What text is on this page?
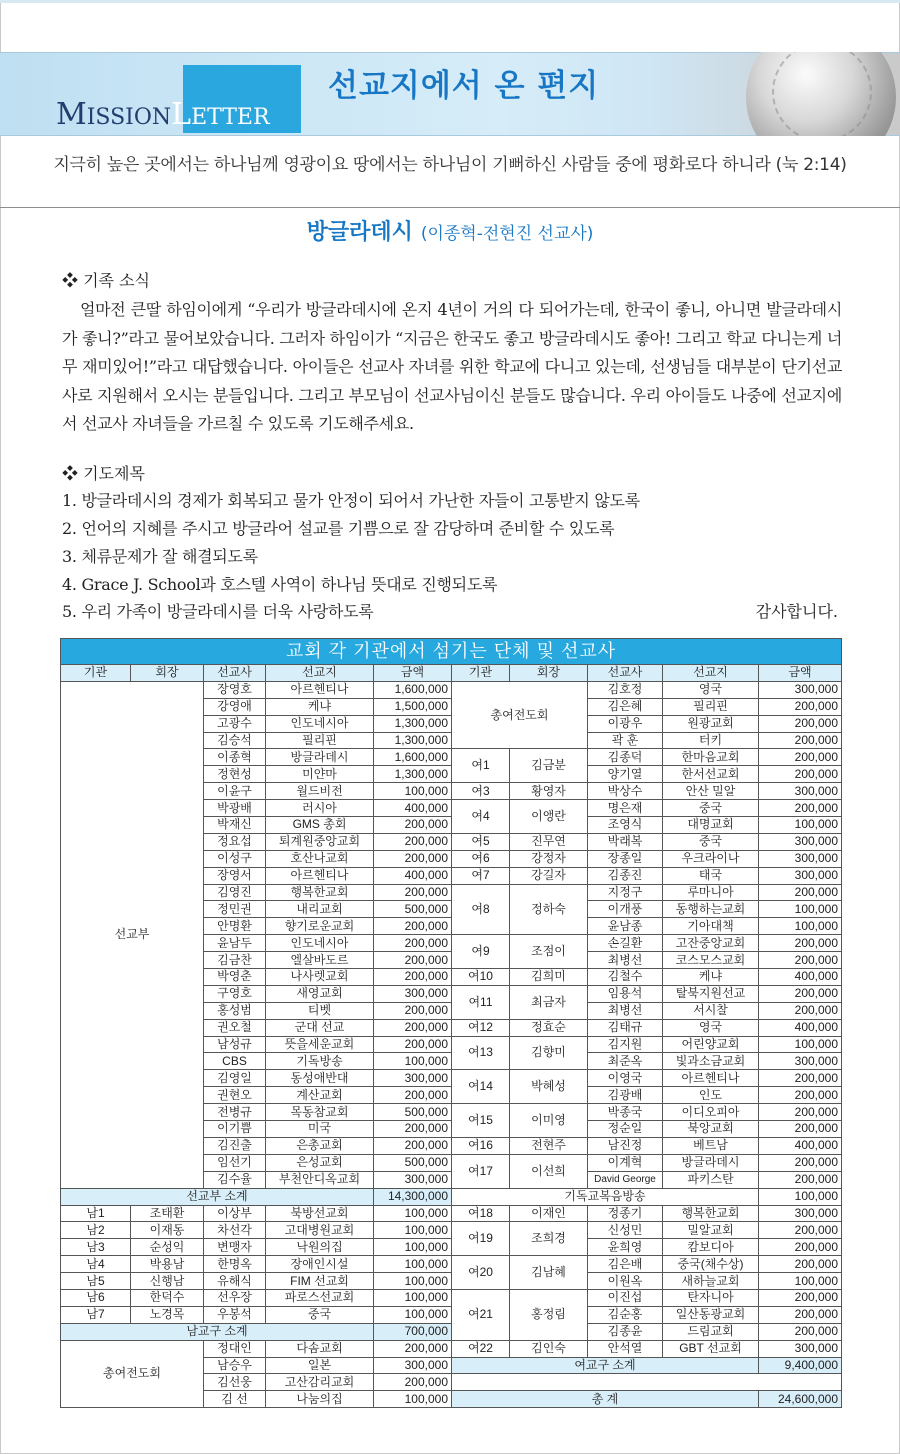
MISSIONLETTER
선교지에서 온 편지
지극히 높은 곳에서는 하나님께 영광이요 땅에서는 하나님이 기뻐하신 사람들 중에 평화로다 하니라 (눅 2:14)
방글라데시 (이종혁-전현진 선교사)
❖ 기족 소식
얼마전 큰딸 하임이에게 “우리가 방글라데시에 온지 4년이 거의 다 되어가는데, 한국이 좋니, 아니면 발글라데시가 좋니?”라고 물어보았습니다. 그러자 하임이가 “지금은 한국도 좋고 방글라데시도 좋아! 그리고 학교 다니는게 너무 재미있어!”라고 대답했습니다. 아이들은 선교사 자녀를 위한 학교에 다니고 있는데, 선생님들 대부분이 단기선교사로 지원해서 오시는 분들입니다. 그리고 부모님이 선교사님이신 분들도 많습니다. 우리 아이들도 나중에 선교지에서 선교사 자녀들을 가르칠 수 있도록 기도해주세요.
❖ 기도제목
1. 방글라데시의 경제가 회복되고 물가 안정이 되어서 가난한 자들이 고통받지 않도록
2. 언어의 지혜를 주시고 방글라어 설교를 기쁨으로 잘 감당하며 준비할 수 있도록
3. 체류문제가 잘 해결되도록
4. Grace J. School과 호스텔 사역이 하나님 뜻대로 진행되도록
5. 우리 가족이 방글라데시를 더욱 사랑하도록	감사합니다.
교회 각 기관에서 섬기는 단체 및 선교사									
기관	회장	선교사	선교지	금액	기관	회장	선교사	선교지	금액
선교부		장영호	아르헨티나	1,600,000	총여전도회		김호정	영국	300,000
		강영애	케냐	1,500,000			김은혜	필리핀	200,000
		고광수	인도네시아	1,300,000			이광우	원광교회	200,000
		김승석	필리핀	1,300,000			곽 훈	터키	200,000
		이종혁	방글라데시	1,600,000	여1	김금분	김종덕	한마음교회	200,000
		정현성	미얀마	1,300,000			양기열	한서선교회	200,000
		이윤구	월드비전	100,000	여3	황영자	박상수	안산 밀알	300,000
		박광배	러시아	400,000	여4	이앵란	명은재	중국	200,000
		박재신	GMS 총회	200,000			조영식	대명교회	100,000
		정요섭	퇴계원중앙교회	200,000	여5	진무연	박래복	중국	300,000
		이성구	호산나교회	200,000	여6	강정자	장종일	우크라이나	300,000
		장영서	아르헨티나	400,000	여7	강길자	김종진	태국	300,000
		김영진	행복한교회	200,000	여8	정하숙	지정구	루마니아	200,000
		정민권	내리교회	500,000			이개풍	동행하는교회	100,000
		안명환	향기로운교회	200,000			윤남종	기아대책	100,000
		윤남두	인도네시아	200,000	여9	조점이	손길환	고잔중앙교회	200,000
		김금찬	엘살바도르	200,000			최병선	코스모스교회	200,000
		박영춘	나사렛교회	200,000	여10	김희미	김철수	케냐	400,000
		구영호	새영교회	300,000	여11	최금자	임용석	탈북지원선교	200,000
		홍성범	티벳	200,000			최병선	서시찰	200,000
		권오철	군대 선교	200,000	여12	정효순	김태규	영국	400,000
		남성규	뜻을세운교회	200,000	여13	김향미	김지원	어린양교회	100,000
		CBS	기독방송	100,000			최준옥	빛과소금교회	300,000
		김영일	동성애반대	300,000	여14	박혜성	이영국	아르헨티나	200,000
		권현오	계산교회	200,000			김광배	인도	200,000
		전병규	목동참교회	500,000	여15	이미영	박종국	이디오피아	200,000
		이기쁨	미국	200,000			정순일	북앙교회	200,000
		김진출	은총교회	200,000	여16	전현주	남진정	베트남	400,000
		임선기	은성교회	500,000	여17	이선희	이계혁	방글라데시	200,000
		김수율	부천안디옥교회	300,000			David George	파키스탄	200,000
선교부 소계				14,300,000	기독교복음방송				100,000
남1	조태환	이상부	북방선교회	100,000	여18	이재인	정종기	행복한교회	300,000
남2	이재동	차선각	고대병원교회	100,000	여19	조희경	신성민	밀알교회	200,000
남3	순성익	변맹자	낙원의집	100,000			윤희영	캄보디아	200,000
남4	박용남	한명옥	장애인시설	100,000	여20	김남혜	김은배	중국(채수상)	200,000
남5	신행남	유해식	FIM 선교회	100,000			이원옥	새하늘교회	100,000
남6	한덕수	선우장	파로스선교회	100,000	여21	홍정림	이진섭	탄자니아	200,000
남7	노경목	우봉석	중국	100,000			김순홍	일산동광교회	200,000
남교구 소계				700,000			김종윤	드림교회	200,000
총여전도회		정대인	다솜교회	200,000	여22	김인숙	안석열	GBT 선교회	300,000
		남승우	일본	300,000	여교구 소계				9,400,000
		김선웅	고산감리교회	200,000					
		김 선	나눔의집	100,000	총 계				24,600,000
